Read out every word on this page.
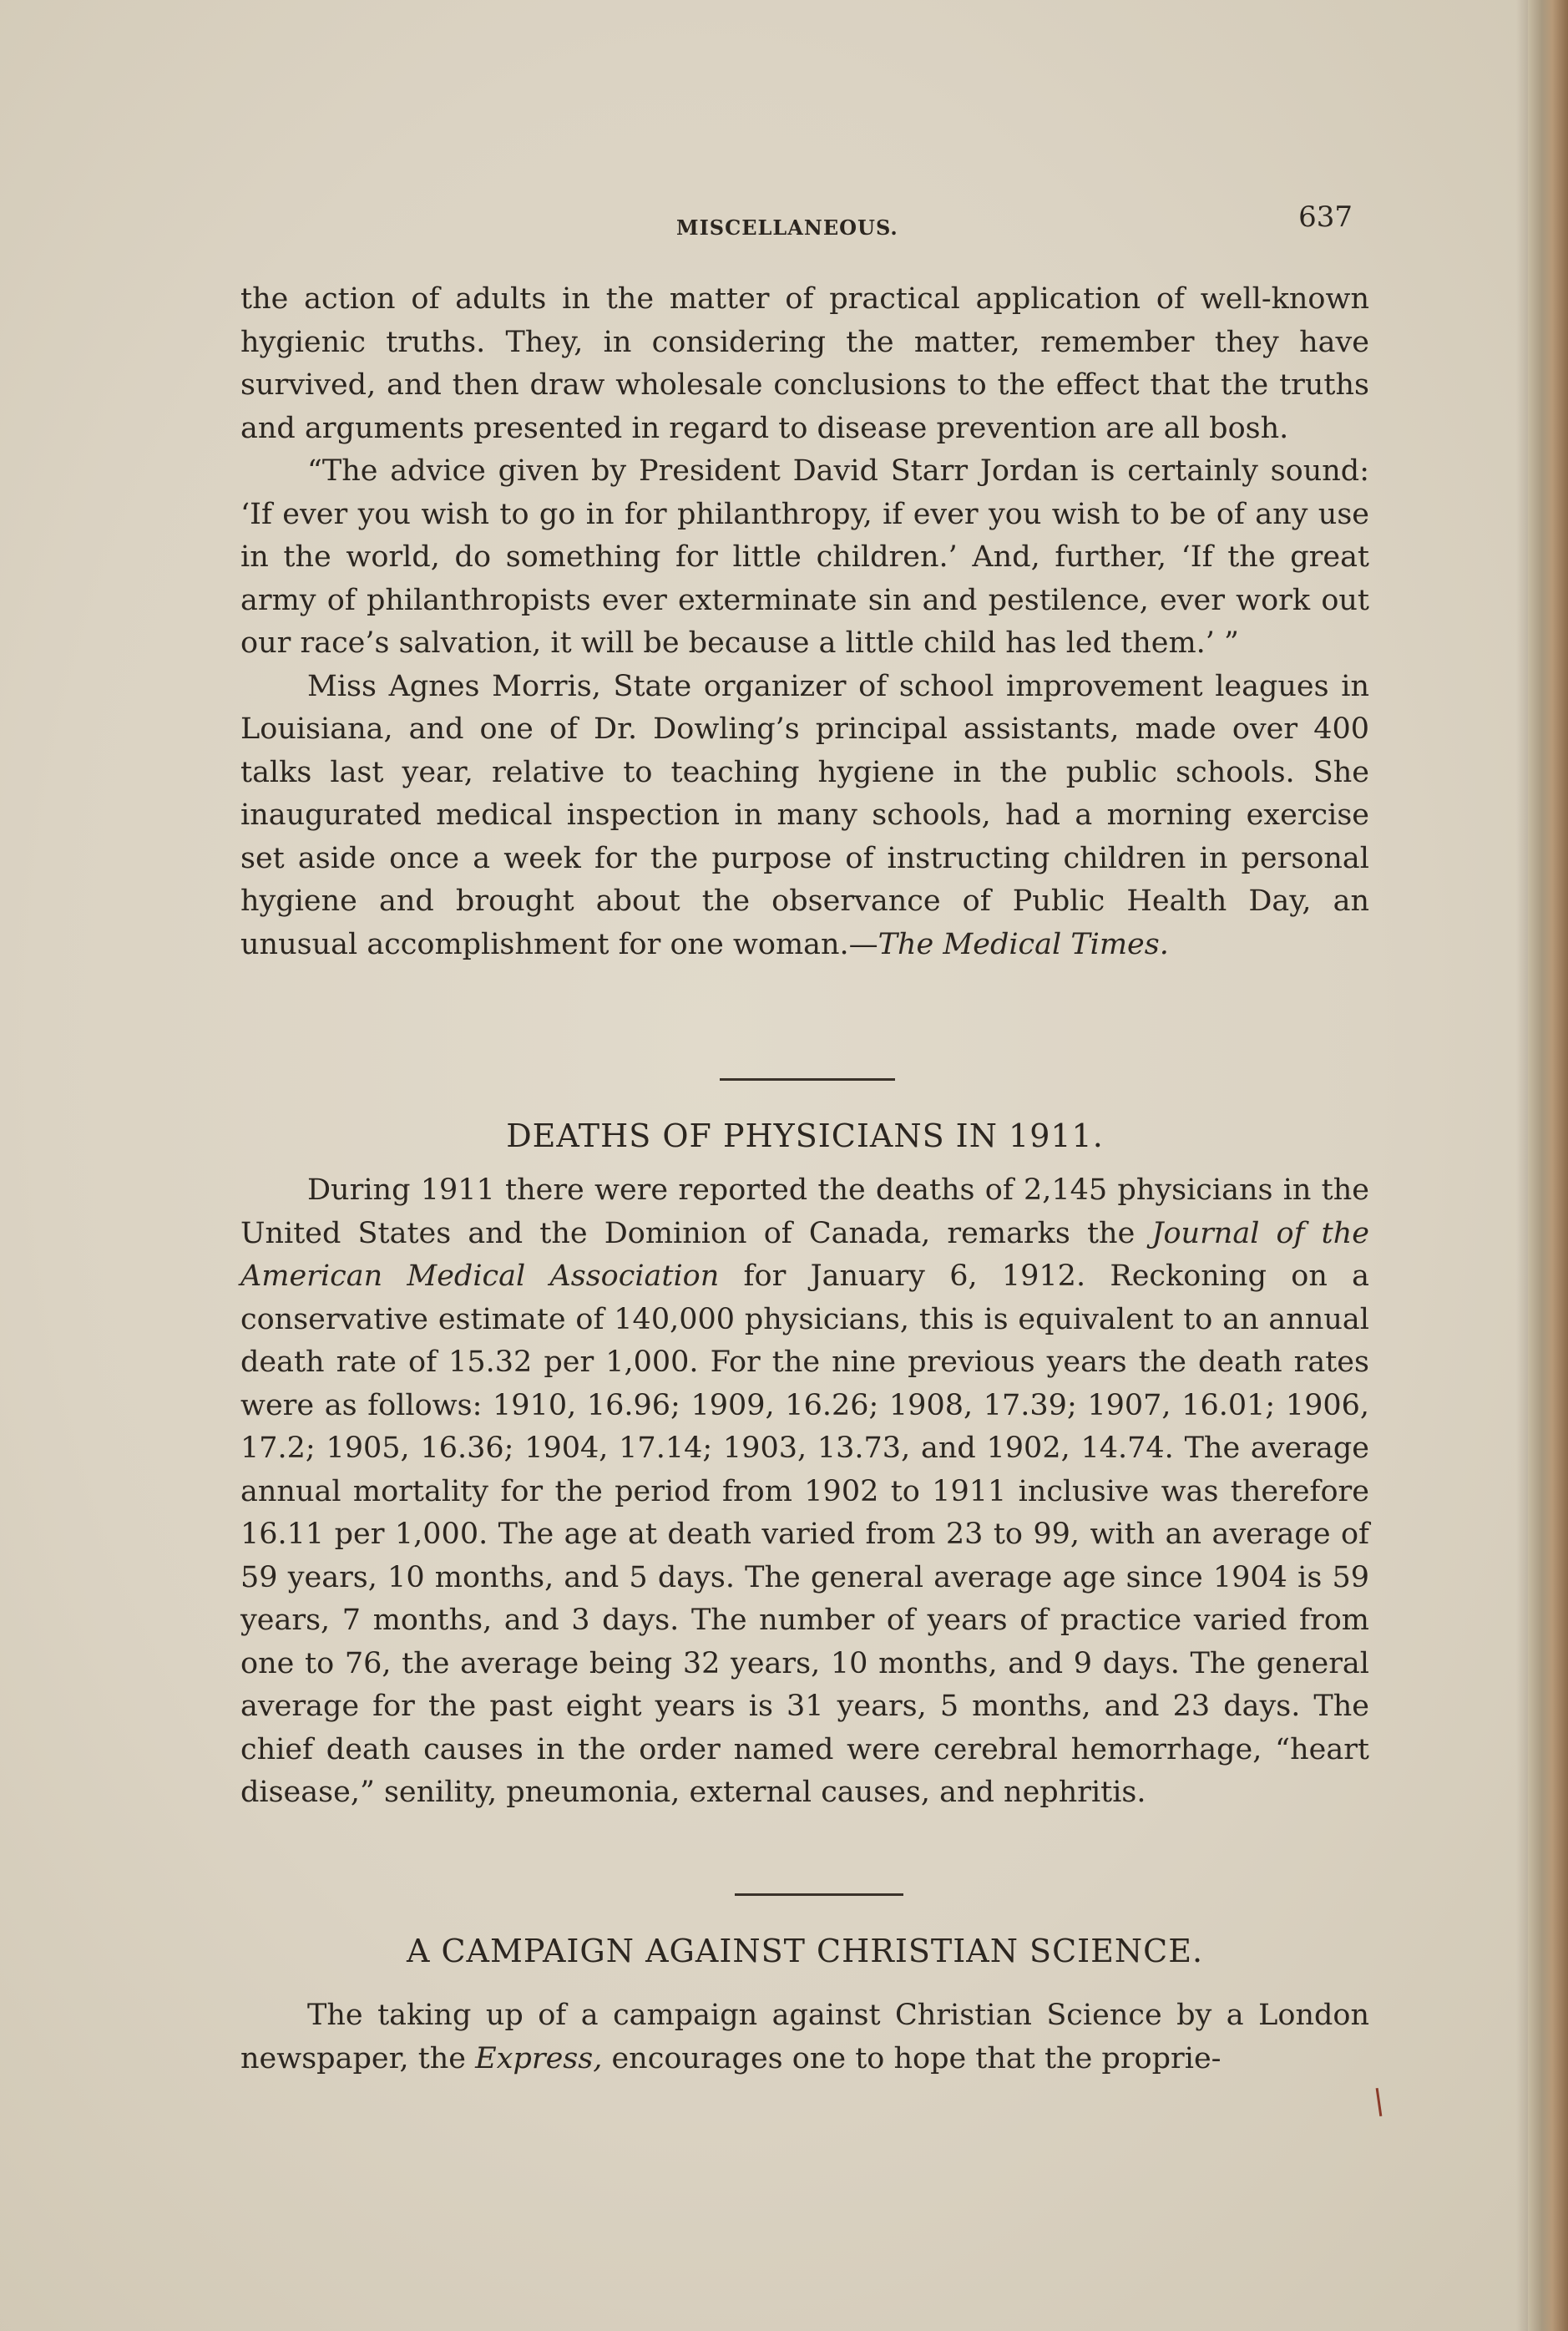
MISCELLANEOUS.	637

the action of adults in the matter of practical application of well-known hygienic truths. They, in considering the matter, remember they have survived, and then draw wholesale conclusions to the effect that the truths and arguments presented in regard to disease prevention are all bosh.

“The advice given by President David Starr Jordan is certainly sound: ‘If ever you wish to go in for philanthropy, if ever you wish to be of any use in the world, do something for little children.’ And, further, ‘If the great army of philanthropists ever exterminate sin and pestilence, ever work out our race’s salvation, it will be because a little child has led them.’ ”

Miss Agnes Morris, State organizer of school improvement leagues in Louisiana, and one of Dr. Dowling’s principal assistants, made over 400 talks last year, relative to teaching hygiene in the public schools. She inaugurated medical inspection in many schools, had a morning exercise set aside once a week for the purpose of instructing children in personal hygiene and brought about the observance of Public Health Day, an unusual accomplishment for one woman.—The Medical Times.

DEATHS OF PHYSICIANS IN 1911.

During 1911 there were reported the deaths of 2,145 physicians in the United States and the Dominion of Canada, remarks the Journal of the American Medical Association for January 6, 1912. Reckoning on a conservative estimate of 140,000 physicians, this is equivalent to an annual death rate of 15.32 per 1,000. For the nine previous years the death rates were as follows: 1910, 16.96; 1909, 16.26; 1908, 17.39; 1907, 16.01; 1906, 17.2; 1905, 16.36; 1904, 17.14; 1903, 13.73, and 1902, 14.74. The average annual mortality for the period from 1902 to 1911 inclusive was therefore 16.11 per 1,000. The age at death varied from 23 to 99, with an average of 59 years, 10 months, and 5 days. The general average age since 1904 is 59 years, 7 months, and 3 days. The number of years of practice varied from one to 76, the average being 32 years, 10 months, and 9 days. The general average for the past eight years is 31 years, 5 months, and 23 days. The chief death causes in the order named were cerebral hemorrhage, “heart disease,” senility, pneumonia, external causes, and nephritis.

A CAMPAIGN AGAINST CHRISTIAN SCIENCE.

The taking up of a campaign against Christian Science by a London newspaper, the Express, encourages one to hope that the proprie-
